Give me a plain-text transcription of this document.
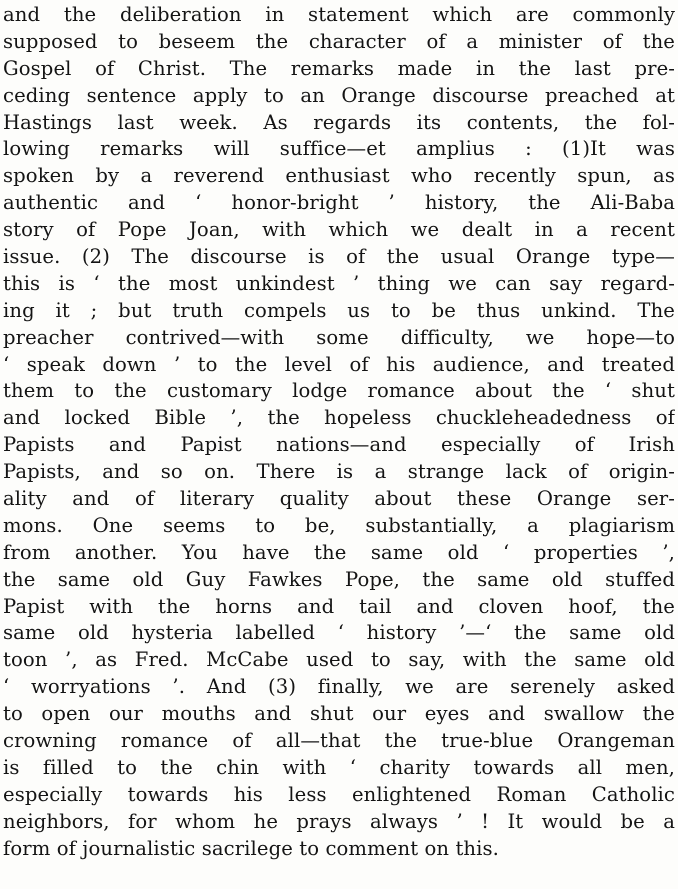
and the deliberation in statement which are commonly
supposed to beseem the character of a minister of the
Gospel of Christ. The remarks made in the last pre-
ceding sentence apply to an Orange discourse preached at
Hastings last week. As regards its contents, the fol-
lowing remarks will suffice—et amplius : (1)It was
spoken by a reverend enthusiast who recently spun, as
authentic and ‘ honor-bright ’ history, the Ali-Baba
story of Pope Joan, with which we dealt in a recent
issue. (2) The discourse is of the usual Orange type—
this is ‘ the most unkindest ’ thing we can say regard-
ing it ; but truth compels us to be thus unkind. The
preacher contrived—with some difficulty, we hope—to
‘ speak down ’ to the level of his audience, and treated
them to the customary lodge romance about the ‘ shut
and locked Bible ’, the hopeless chuckleheadedness of
Papists and Papist nations—and especially of Irish
Papists, and so on. There is a strange lack of origin-
ality and of literary quality about these Orange ser-
mons. One seems to be, substantially, a plagiarism
from another. You have the same old ‘ properties ’,
the same old Guy Fawkes Pope, the same old stuffed
Papist with the horns and tail and cloven hoof, the
same old hysteria labelled ‘ history ’—‘ the same old
toon ’, as Fred. McCabe used to say, with the same old
‘ worryations ’. And (3) finally, we are serenely asked
to open our mouths and shut our eyes and swallow the
crowning romance of all—that the true-blue Orangeman
is filled to the chin with ‘ charity towards all men,
especially towards his less enlightened Roman Catholic
neighbors, for whom he prays always ’ ! It would be a
form of journalistic sacrilege to comment on this.
